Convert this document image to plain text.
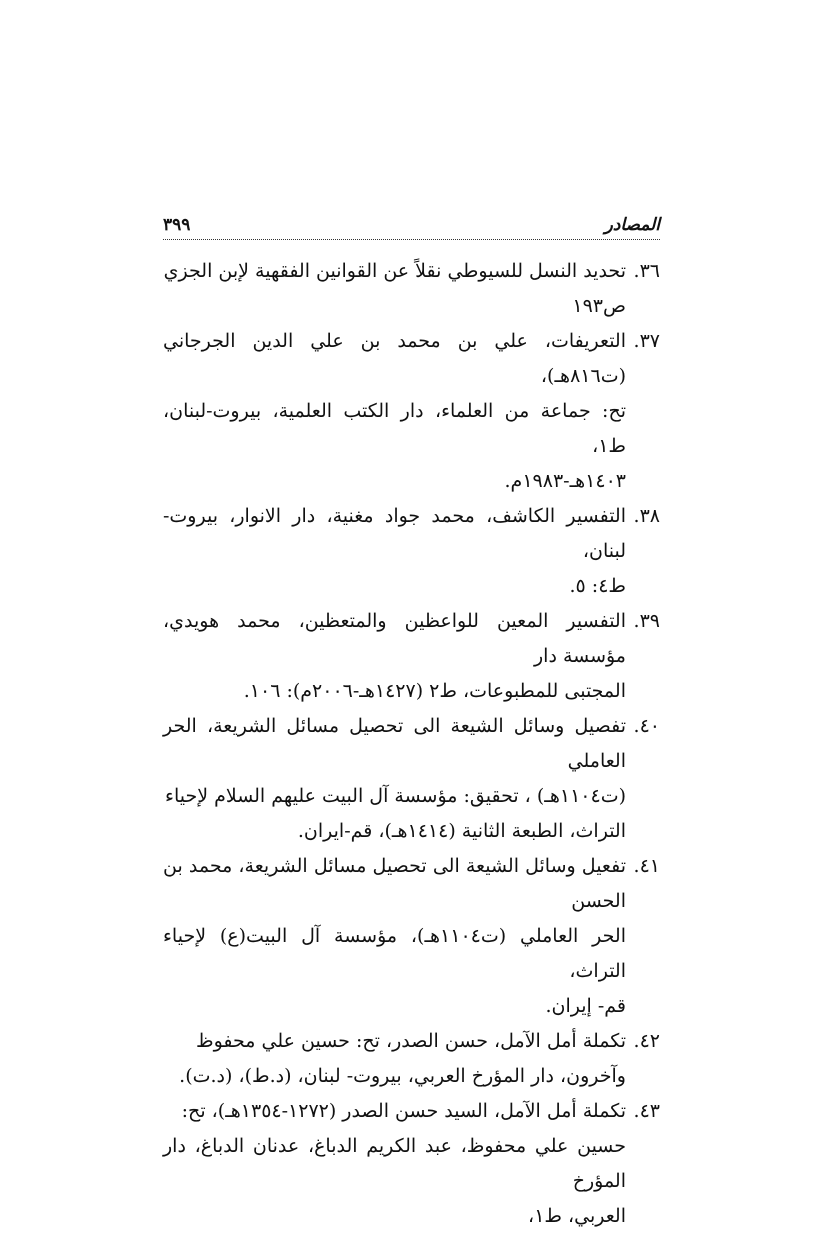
المصادر
٣٩٩
٣٦.
تحديد النسل للسيوطي نقلاً عن القوانين الفقهية لإبن الجزي
ص١٩٣
٣٧.
التعريفات، علي بن محمد بن علي الدين الجرجاني (ت٨١٦هـ)،
تح: جماعة من العلماء، دار الكتب العلمية، بيروت-لبنان، ط١،
١٤٠٣هـ-١٩٨٣م.
٣٨.
التفسير الكاشف، محمد جواد مغنية، دار الانوار، بيروت- لبنان،
ط٤: ٥.
٣٩.
التفسير المعين للواعظين والمتعظين، محمد هويدي، مؤسسة دار
المجتبى للمطبوعات، ط٢ (١٤٢٧هـ-٢٠٠٦م): ١٠٦.
٤٠.
تفصيل وسائل الشيعة الى تحصيل مسائل الشريعة، الحر العاملي
(ت١١٠٤هـ) ، تحقيق: مؤسسة آل البيت عليهم السلام لإحياء
التراث، الطبعة الثانية (١٤١٤هـ)، قم-ايران.
٤١.
تفعيل وسائل الشيعة الى تحصيل مسائل الشريعة، محمد بن الحسن
الحر العاملي (ت١١٠٤هـ)، مؤسسة آل البيت(ع) لإحياء التراث،
قم- إيران.
٤٢.
تكملة أمل الآمل، حسن الصدر، تح: حسين علي محفوظ
وآخرون، دار المؤرخ العربي، بيروت- لبنان، (د.ط)، (د.ت).
٤٣.
تكملة أمل الآمل، السيد حسن الصدر (١٢٧٢-١٣٥٤هـ)، تح:
حسين علي محفوظ، عبد الكريم الدباغ، عدنان الدباغ، دار المؤرخ
العربي، ط١،
